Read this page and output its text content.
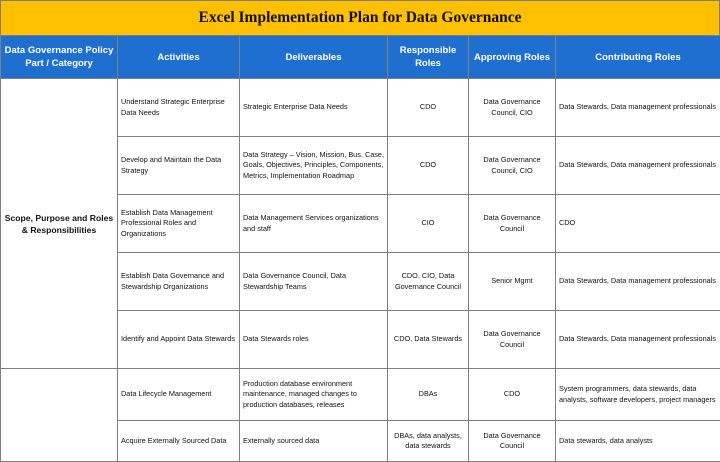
Excel Implementation Plan for Data Governance
Data Governance Policy Part / Category	Activities	Deliverables	Responsible Roles	Approving Roles	Contributing Roles
Scope, Purpose and Roles & Responsibilities	Understand Strategic Enterprise Data Needs	Strategic Enterprise Data Needs	CDO	Data Governance Council, CIO	Data Stewards, Data management professionals
	Develop and Maintain the Data Strategy	Data Strategy – Vision, Mission, Bus. Case, Goals, Objectives, Principles, Components, Metrics, Implementation Roadmap	CDO	Data Governance Council, CIO	Data Stewards, Data management professionals
	Establish Data Management Professional Roles and Organizations	Data Management Services organizations and staff	CIO	Data Governance Council	CDO
	Establish Data Governance and Stewardship Organizations	Data Governance Council, Data Stewardship Teams	CDO, CIO, Data Governance Council	Senior Mgmt	Data Stewards, Data management professionals
	Identify and Appoint Data Stewards	Data Stewards roles	CDO, Data Stewards	Data Governance Council	Data Stewards, Data management professionals
	Data Lifecycle Management	Production database environment maintenance, managed changes to production databases, releases	DBAs	CDO	System programmers, data stewards, data analysts, software developers, project managers
	Acquire Externally Sourced Data	Externally sourced data	DBAs, data analysts, data stewards	Data Governance Council	Data stewards, data analysts
